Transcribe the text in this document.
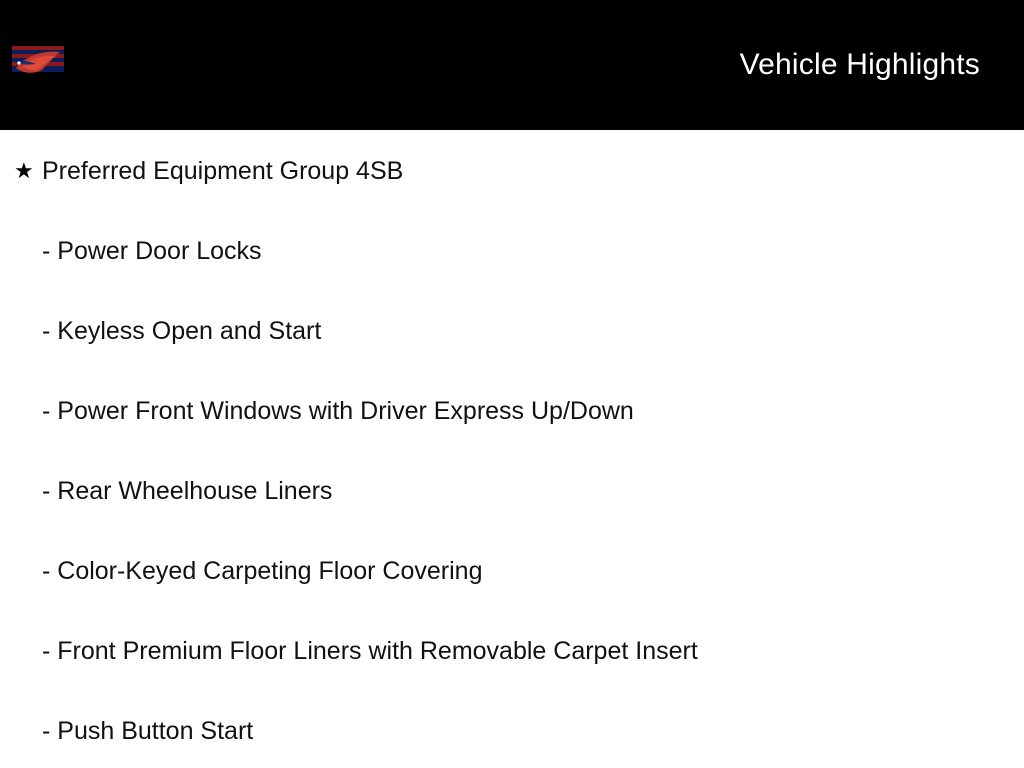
Vehicle Highlights
★ Preferred Equipment Group 4SB
- Power Door Locks
- Keyless Open and Start
- Power Front Windows with Driver Express Up/Down
- Rear Wheelhouse Liners
- Color-Keyed Carpeting Floor Covering
- Front Premium Floor Liners with Removable Carpet Insert
- Push Button Start
